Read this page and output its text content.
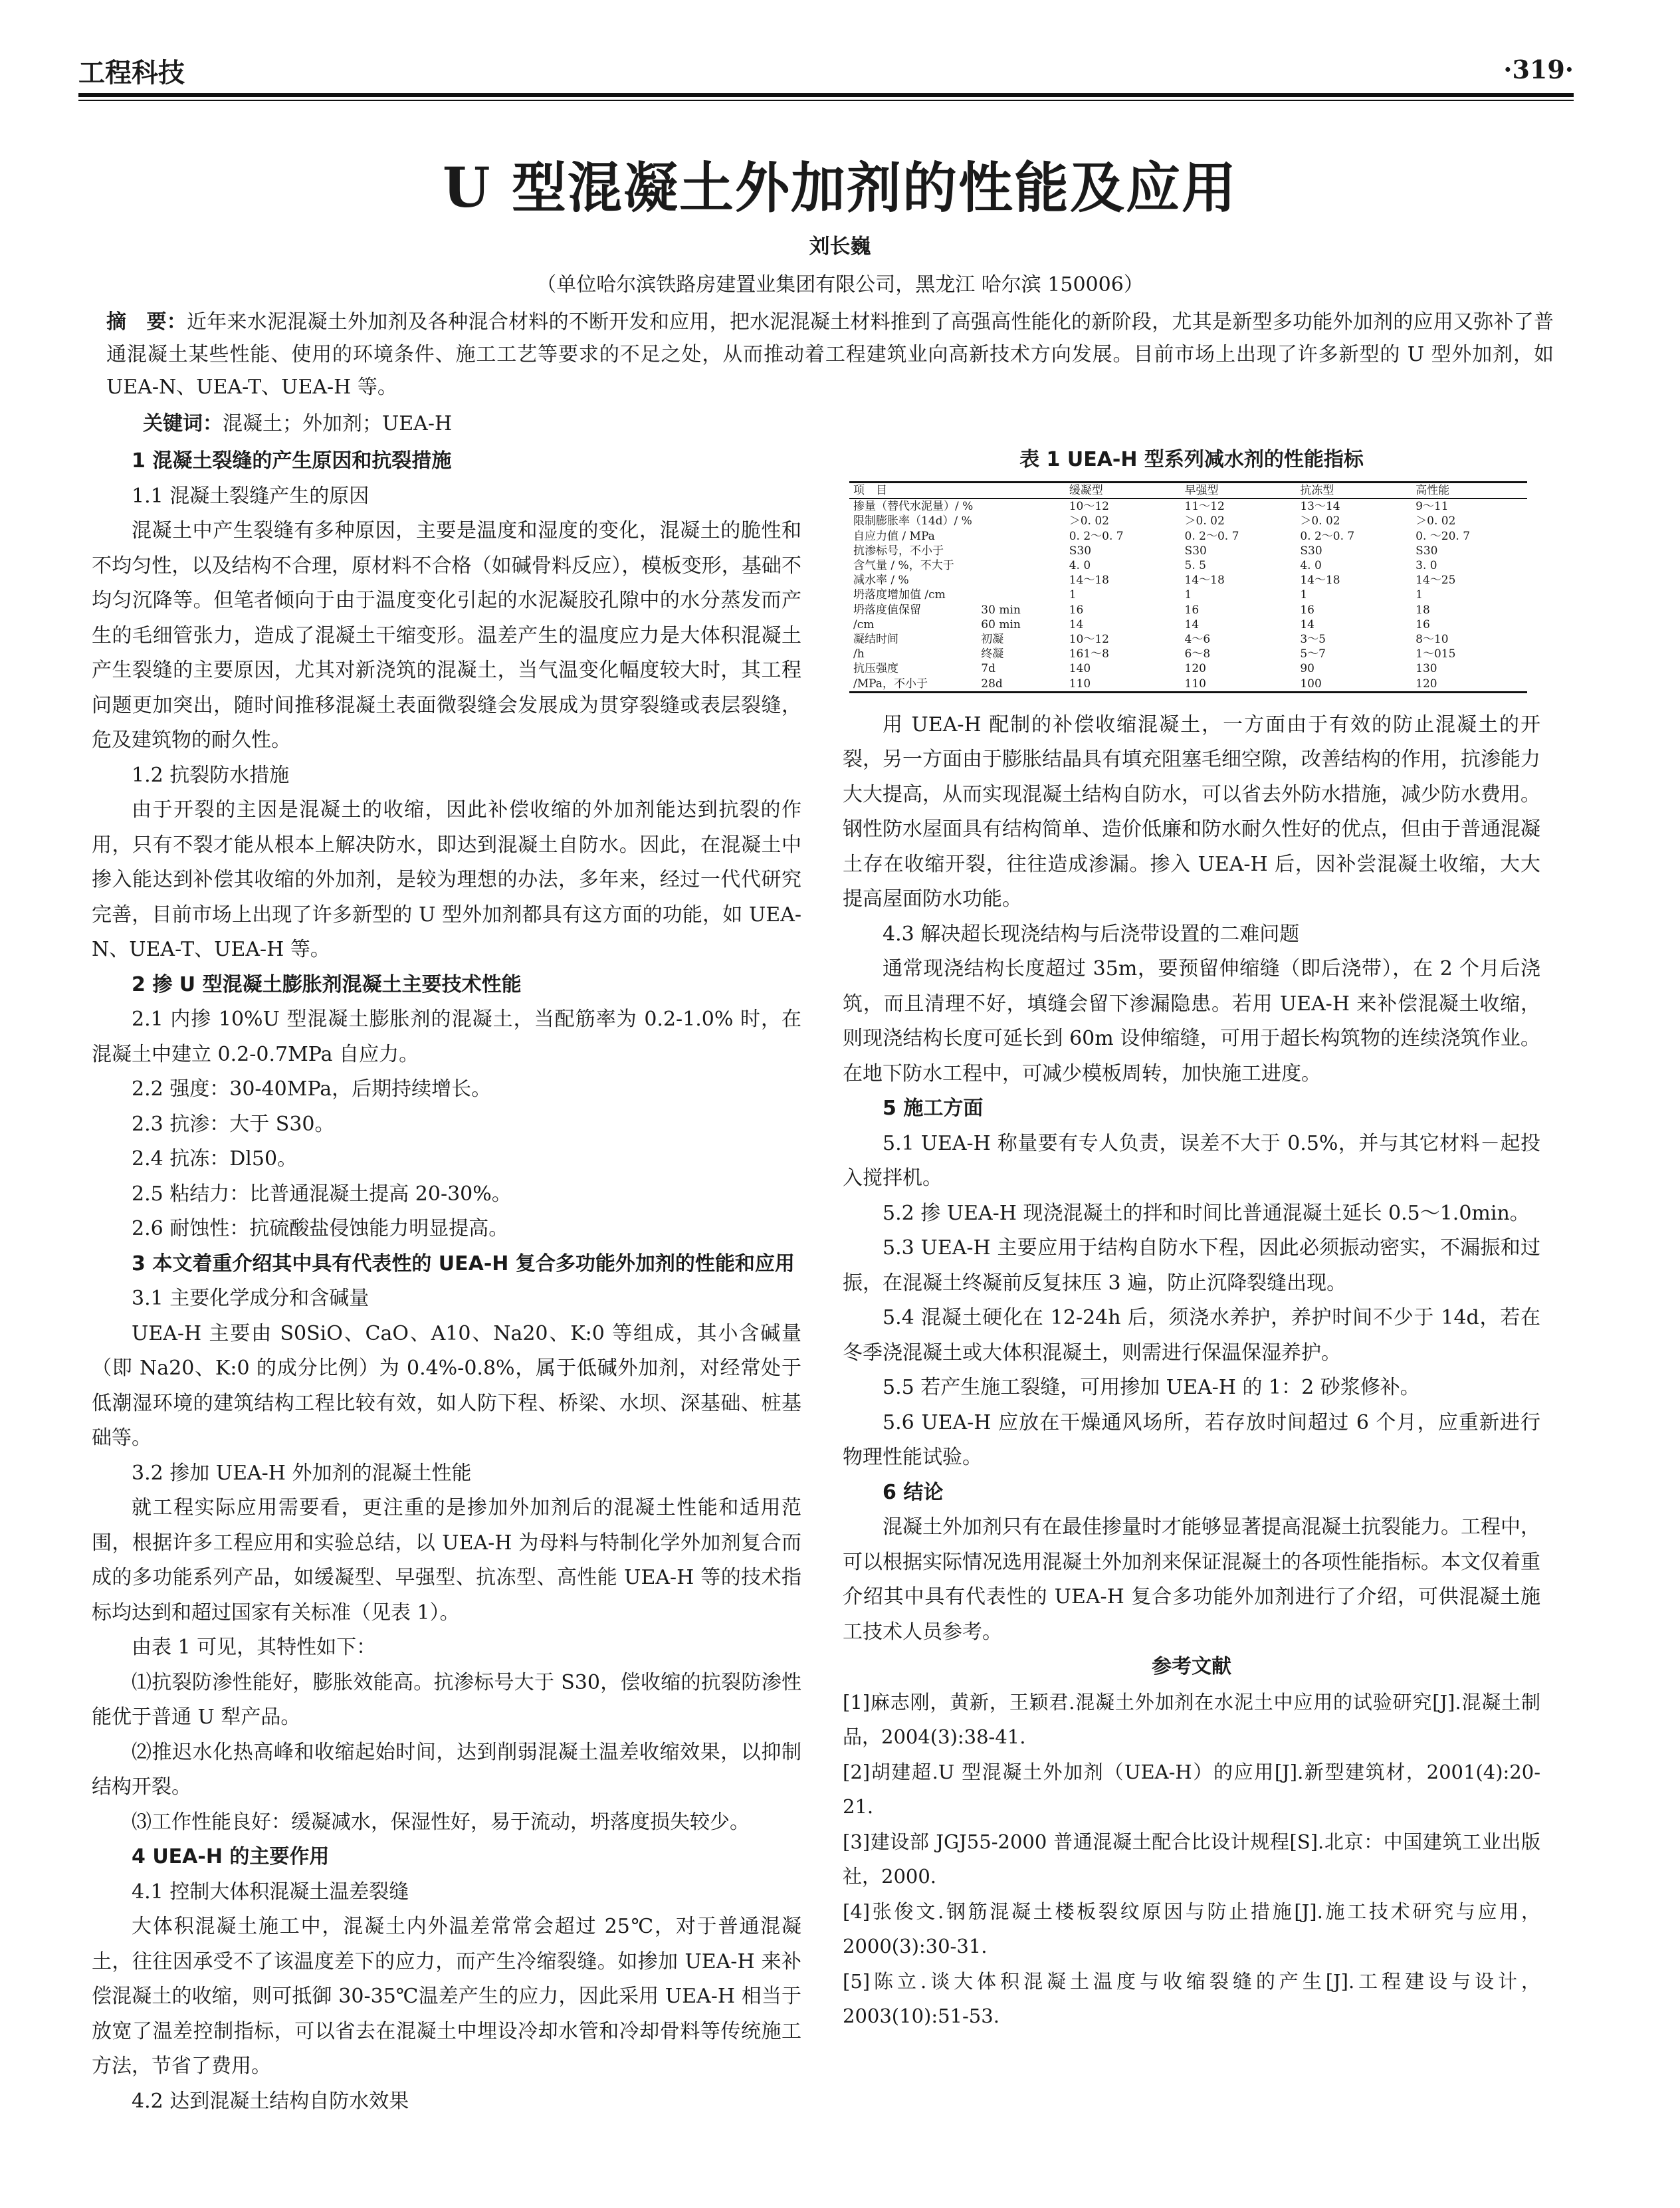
工程科技	·319·
U 型混凝土外加剂的性能及应用
刘长巍
（单位哈尔滨铁路房建置业集团有限公司，黑龙江 哈尔滨 150006）
摘　要：近年来水泥混凝土外加剂及各种混合材料的不断开发和应用，把水泥混凝土材料推到了高强高性能化的新阶段，尤其是新型多功能外加剂的应用又弥补了普通混凝土某些性能、使用的环境条件、施工工艺等要求的不足之处，从而推动着工程建筑业向高新技术方向发展。目前市场上出现了许多新型的 U 型外加剂，如 UEA-N、UEA-T、UEA-H 等。
关键词：混凝土；外加剂；UEA-H
1 混凝土裂缝的产生原因和抗裂措施
1.1 混凝土裂缝产生的原因

混凝土中产生裂缝有多种原因，主要是温度和湿度的变化，混凝土的脆性和不均匀性，以及结构不合理，原材料不合格（如碱骨料反应），模板变形，基础不均匀沉降等。但笔者倾向于由于温度变化引起的水泥凝胶孔隙中的水分蒸发而产生的毛细管张力，造成了混凝土干缩变形。温差产生的温度应力是大体积混凝土产生裂缝的主要原因，尤其对新浇筑的混凝土，当气温变化幅度较大时，其工程问题更加突出，随时间推移混凝土表面微裂缝会发展成为贯穿裂缝或表层裂缝，危及建筑物的耐久性。

1.2 抗裂防水措施

由于开裂的主因是混凝土的收缩，因此补偿收缩的外加剂能达到抗裂的作用，只有不裂才能从根本上解决防水，即达到混凝土自防水。因此，在混凝土中掺入能达到补偿其收缩的外加剂，是较为理想的办法，多年来，经过一代代研究完善，目前市场上出现了许多新型的 U 型外加剂都具有这方面的功能，如 UEA-N、UEA-T、UEA-H 等。

2 掺 U 型混凝土膨胀剂混凝土主要技术性能

2.1 内掺 10%U 型混凝土膨胀剂的混凝土，当配筋率为 0.2-1.0% 时，在混凝土中建立 0.2-0.7MPa 自应力。

2.2 强度：30-40MPa，后期持续增长。

2.3 抗渗：大于 S30。

2.4 抗冻：Dl50。

2.5 粘结力：比普通混凝土提高 20-30%。

2.6 耐蚀性：抗硫酸盐侵蚀能力明显提高。

3 本文着重介绍其中具有代表性的 UEA-H 复合多功能外加剂的性能和应用
3.1 主要化学成分和含碱量

UEA-H 主要由 S0SiO、CaO、A10、Na20、K:0 等组成，其小含碱量（即 Na20、K:0 的成分比例）为 0.4%-0.8%，属于低碱外加剂，对经常处于低潮湿环境的建筑结构工程比较有效，如人防下程、桥梁、水坝、深基础、桩基础等。

3.2 掺加 UEA-H 外加剂的混凝土性能

就工程实际应用需要看，更注重的是掺加外加剂后的混凝土性能和适用范围，根据许多工程应用和实验总结，以 UEA-H 为母料与特制化学外加剂复合而成的多功能系列产品，如缓凝型、早强型、抗冻型、高性能 UEA-H 等的技术指标均达到和超过国家有关标准（见表 1）。

由表 1 可见，其特性如下：

⑴抗裂防渗性能好，膨胀效能高。抗渗标号大于 S30，偿收缩的抗裂防渗性能优于普通 U 犁产品。

⑵推迟水化热高峰和收缩起始时间，达到削弱混凝土温差收缩效果，以抑制结构开裂。

⑶工作性能良好：缓凝减水，保湿性好，易于流动，坍落度损失较少。

4 UEA-H 的主要作用
4.1 控制大体积混凝土温差裂缝

大体积混凝土施工中，混凝土内外温差常常会超过 25℃，对于普通混凝土，往往因承受不了该温度差下的应力，而产生冷缩裂缝。如掺加 UEA-H 来补偿混凝土的收缩，则可抵御 30-35℃温差产生的应力，因此采用 UEA-H 相当于放宽了温差控制指标，可以省去在混凝土中埋设冷却水管和冷却骨料等传统施工方法，节省了费用。

4.2 达到混凝土结构自防水效果
表 1 UEA-H 型系列减水剂的性能指标
项　目		缓凝型	早强型	抗冻型	高性能
掺量（替代水泥量）/ %		10～12	11～12	13～14	9～11
限制膨胀率（14d）/ %		＞0. 02	＞0. 02	＞0. 02	＞0. 02
自应力值 / MPa		0. 2～0. 7	0. 2～0. 7	0. 2～0. 7	0. ～20. 7
抗渗标号，不小于		S30	S30	S30	S30
含气量 / %，不大于		4. 0	5. 5	4. 0	3. 0
减水率 / %		14～18	14～18	14～18	14～25
坍落度增加值 /cm		1	1	1	1
坍落度值保留	30 min	16	16	16	18
/cm	60 min	14	14	14	16
凝结时间	初凝	10～12	4～6	3～5	8～10
/h	终凝	161～8	6～8	5～7	1～015
抗压强度	7d	140	120	90	130
/MPa，不小于	28d	110	110	100	120

用 UEA-H 配制的补偿收缩混凝土，一方面由于有效的防止混凝土的开裂，另一方面由于膨胀结晶具有填充阻塞毛细空隙，改善结构的作用，抗渗能力大大提高，从而实现混凝土结构自防水，可以省去外防水措施，减少防水费用。钢性防水屋面具有结构简单、造价低廉和防水耐久性好的优点，但由于普通混凝土存在收缩开裂，往往造成渗漏。掺入 UEA-H 后，因补尝混凝土收缩，大大提高屋面防水功能。

4.3 解决超长现浇结构与后浇带设置的二难问题

通常现浇结构长度超过 35m，要预留伸缩缝（即后浇带），在 2 个月后浇筑，而且清理不好，填缝会留下渗漏隐患。若用 UEA-H 来补偿混凝土收缩，则现浇结构长度可延长到 60m 设伸缩缝，可用于超长构筑物的连续浇筑作业。在地下防水工程中，可减少模板周转，加快施工进度。

5 施工方面

5.1 UEA-H 称量要有专人负责，误差不大于 0.5%，并与其它材料－起投入搅拌机。

5.2 掺 UEA-H 现浇混凝土的拌和时间比普通混凝土延长 0.5～1.0min。

5.3 UEA-H 主要应用于结构自防水下程，因此必须振动密实，不漏振和过振，在混凝土终凝前反复抹压 3 遍，防止沉降裂缝出现。

5.4 混凝土硬化在 12-24h 后，须浇水养护，养护时间不少于 14d，若在冬季浇混凝土或大体积混凝土，则需进行保温保湿养护。

5.5 若产生施工裂缝，可用掺加 UEA-H 的 1：2 砂浆修补。

5.6 UEA-H 应放在干燥通风场所，若存放时间超过 6 个月，应重新进行物理性能试验。

6 结论

混凝土外加剂只有在最佳掺量时才能够显著提高混凝土抗裂能力。工程中，可以根据实际情况选用混凝土外加剂来保证混凝土的各项性能指标。本文仅着重介绍其中具有代表性的 UEA-H 复合多功能外加剂进行了介绍，可供混凝土施工技术人员参考。

参考文献

[1]麻志刚，黄新，王颖君.混凝土外加剂在水泥土中应用的试验研究[J].混凝土制品，2004(3):38-41.

[2]胡建超.U 型混凝土外加剂（UEA-H）的应用[J].新型建筑材，2001(4):20-21.

[3]建设部 JGJ55-2000 普通混凝土配合比设计规程[S].北京：中国建筑工业出版社，2000.

[4]张俊文.钢筋混凝土楼板裂纹原因与防止措施[J].施工技术研究与应用，2000(3):30-31.

[5]陈立.谈大体积混凝土温度与收缩裂缝的产生[J].工程建设与设计，2003(10):51-53.
